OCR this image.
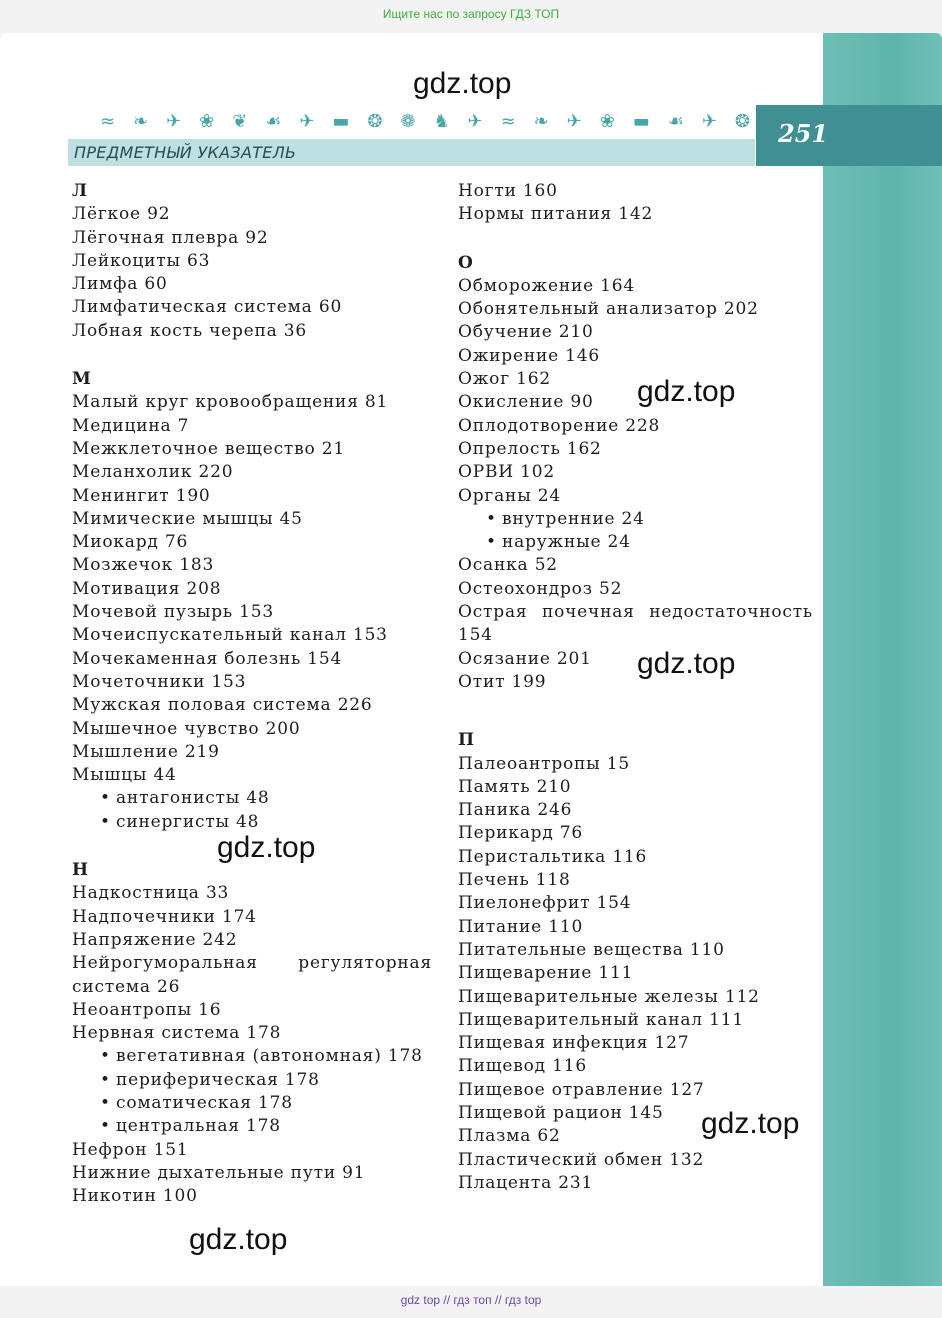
Ищите нас по запросу ГДЗ ТОП
251
≈ ❧ ✈ ❀ ❦ ☙ ✈ ▬ ❂ ❁ ♞ ✈ ≈ ❧ ✈ ❀ ▬ ☙ ✈ ❂
ПРЕДМЕТНЫЙ УКАЗАТЕЛЬ
gdz.top
gdz.top
gdz.top
gdz.top
gdz.top
gdz.top
Л
Лёгкое 92
Лёгочная плевра 92
Лейкоциты 63
Лимфа 60
Лимфатическая система 60
Лобная кость черепа 36
М
Малый круг кровообращения 81
Медицина 7
Межклеточное вещество 21
Меланхолик 220
Менингит 190
Мимические мышцы 45
Миокард 76
Мозжечок 183
Мотивация 208
Мочевой пузырь 153
Мочеиспускательный канал 153
Мочекаменная болезнь 154
Мочеточники 153
Мужская половая система 226
Мышечное чувство 200
Мышление 219
Мышцы 44
• антагонисты 48
• синергисты 48
Н
Надкостница 33
Надпочечники 174
Напряжение 242
Нейрогуморальная регуляторная
система 26
Неоантропы 16
Нервная система 178
• вегетативная (автономная) 178
• периферическая 178
• соматическая 178
• центральная 178
Нефрон 151
Нижние дыхательные пути 91
Никотин 100
Ногти 160
Нормы питания 142
О
Обморожение 164
Обонятельный анализатор 202
Обучение 210
Ожирение 146
Ожог 162
Окисление 90
Оплодотворение 228
Опрелость 162
ОРВИ 102
Органы 24
• внутренние 24
• наружные 24
Осанка 52
Остеохондроз 52
Острая почечная недостаточность
154
Осязание 201
Отит 199
П
Палеоантропы 15
Память 210
Паника 246
Перикард 76
Перистальтика 116
Печень 118
Пиелонефрит 154
Питание 110
Питательные вещества 110
Пищеварение 111
Пищеварительные железы 112
Пищеварительный канал 111
Пищевая инфекция 127
Пищевод 116
Пищевое отравление 127
Пищевой рацион 145
Плазма 62
Пластический обмен 132
Плацента 231
gdz top // гдз топ // гдз top
